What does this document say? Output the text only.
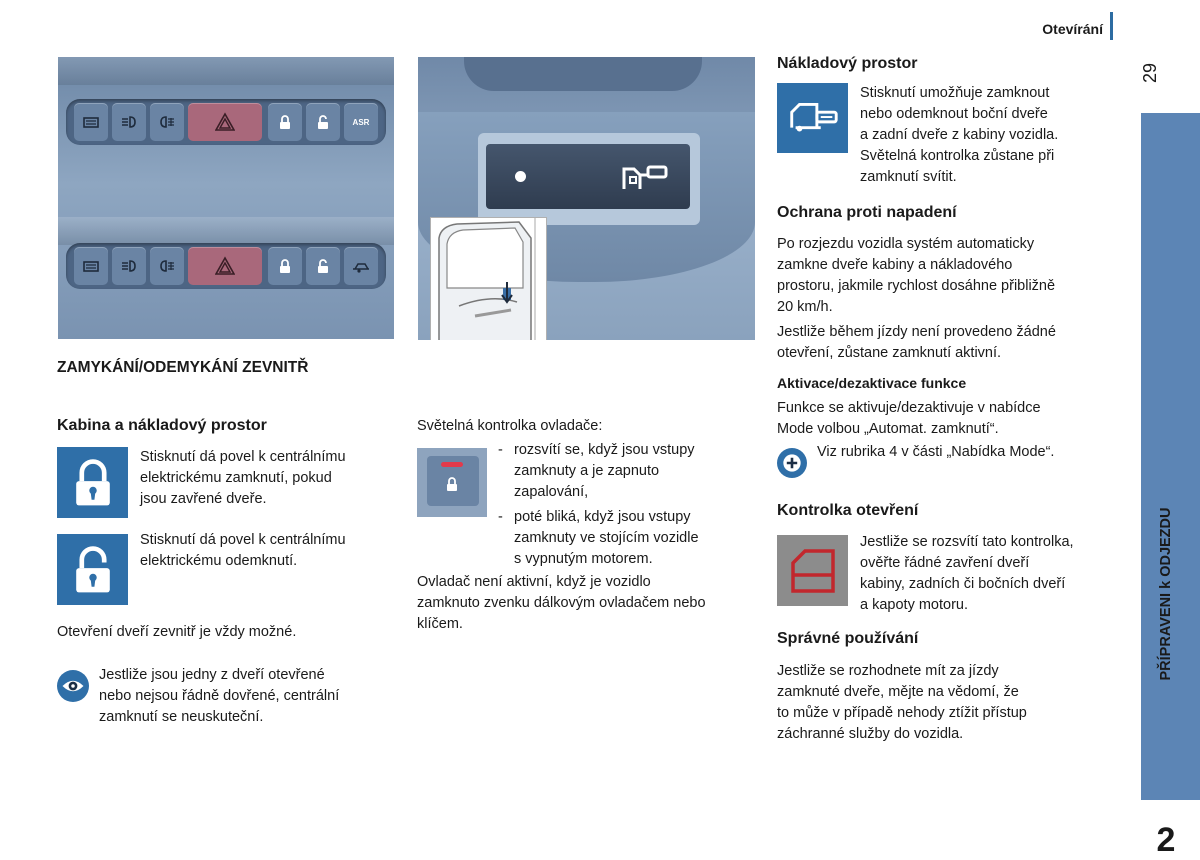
Otevírání
29
PŘÍPRAVENI k ODJEZDU
2
ASR
ZAMYKÁNÍ/ODEMYKÁNÍ ZEVNITŘ
Kabina a nákladový prostor
Stisknutí dá povel k centrálnímu
elektrickému zamknutí, pokud
jsou zavřené dveře.
Stisknutí dá povel k centrálnímu
elektrickému odemknutí.
Otevření dveří zevnitř je vždy možné.
Jestliže jsou jedny z dveří otevřené
nebo nejsou řádně dovřené, centrální
zamknutí se neuskuteční.
Světelná kontrolka ovladače:
- rozsvítí se, když jsou vstupy
zamknuty a je zapnuto
zapalování,
- poté bliká, když jsou vstupy
zamknuty ve stojícím vozidle
s vypnutým motorem.
Ovladač není aktivní, když je vozidlo
zamknuto zvenku dálkovým ovladačem nebo
klíčem.
Nákladový prostor
Stisknutí umožňuje zamknout
nebo odemknout boční dveře
a zadní dveře z kabiny vozidla.
Světelná kontrolka zůstane při
zamknutí svítit.
Ochrana proti napadení
Po rozjezdu vozidla systém automaticky
zamkne dveře kabiny a nákladového
prostoru, jakmile rychlost dosáhne přibližně
20 km/h.
Jestliže během jízdy není provedeno žádné
otevření, zůstane zamknutí aktivní.
Aktivace/dezaktivace funkce
Funkce se aktivuje/dezaktivuje v nabídce
Mode volbou „Automat. zamknutí“.
Viz rubrika 4 v části „Nabídka Mode“.
Kontrolka otevření
Jestliže se rozsvítí tato kontrolka,
ověřte řádné zavření dveří
kabiny, zadních či bočních dveří
a kapoty motoru.
Správné používání
Jestliže se rozhodnete mít za jízdy
zamknuté dveře, mějte na vědomí, že
to může v případě nehody ztížit přístup
záchranné služby do vozidla.
